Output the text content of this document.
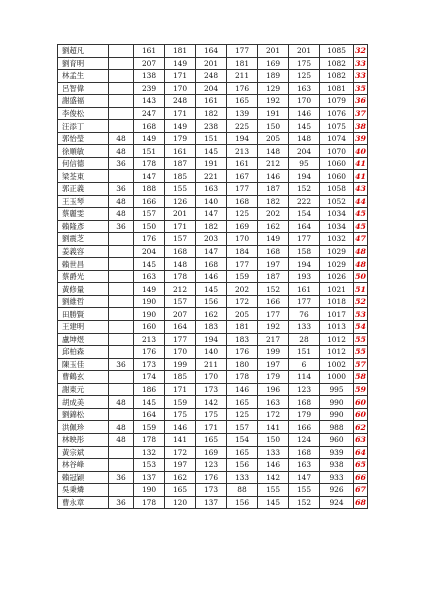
劉超凡		161	181	164	177	201	201	1085	32
劉育明		207	149	201	181	169	175	1082	33
林孟生		138	171	248	211	189	125	1082	33
呂智偉		239	170	204	176	129	163	1081	35
謝盛福		143	248	161	165	192	170	1079	36
李俊松		247	171	182	139	191	146	1076	37
汪添丁		168	149	238	225	150	145	1075	38
郭怡瑩	48	149	179	151	194	205	148	1074	39
徐順敏	48	151	161	145	213	148	204	1070	40
何信德	36	178	187	191	161	212	95	1060	41
梁荃東		147	185	221	167	146	194	1060	41
郭正義	36	188	155	163	177	187	152	1058	43
王玉琴	48	166	126	140	168	182	222	1052	44
蔡麗雯	48	157	201	147	125	202	154	1034	45
賴隆彥	36	150	171	182	169	162	164	1034	45
劉震芝		176	157	203	170	149	177	1032	47
姜義容		204	168	147	184	168	158	1029	48
賴世昌		145	148	168	177	197	194	1029	48
蔡爵光		163	178	146	159	187	193	1026	50
黃修量		149	212	145	202	152	161	1021	51
劉維哲		190	157	156	172	166	177	1018	52
田勝賢		190	207	162	205	177	76	1017	53
王建明		160	164	183	181	192	133	1013	54
盧坤煜		213	177	194	183	217	28	1012	55
邱柏森		176	170	140	176	199	151	1012	55
陳玉佳	36	173	199	211	180	197	6	1002	57
曹鶴玄		174	185	170	178	179	114	1000	58
謝東元		186	171	173	146	196	123	995	59
胡成美	48	145	159	142	165	163	168	990	60
劉錦松		164	175	175	125	172	179	990	60
洪佩珍	48	159	146	171	157	141	166	988	62
林映彤	48	178	141	165	154	150	124	960	63
黃宗斌		132	172	169	165	133	168	939	64
林谷峰		153	197	123	156	146	163	938	65
賴冠穎	36	137	162	176	133	142	147	933	66
吳秉燐		190	165	173	88	155	155	926	67
曹永章	36	178	120	137	156	145	152	924	68
